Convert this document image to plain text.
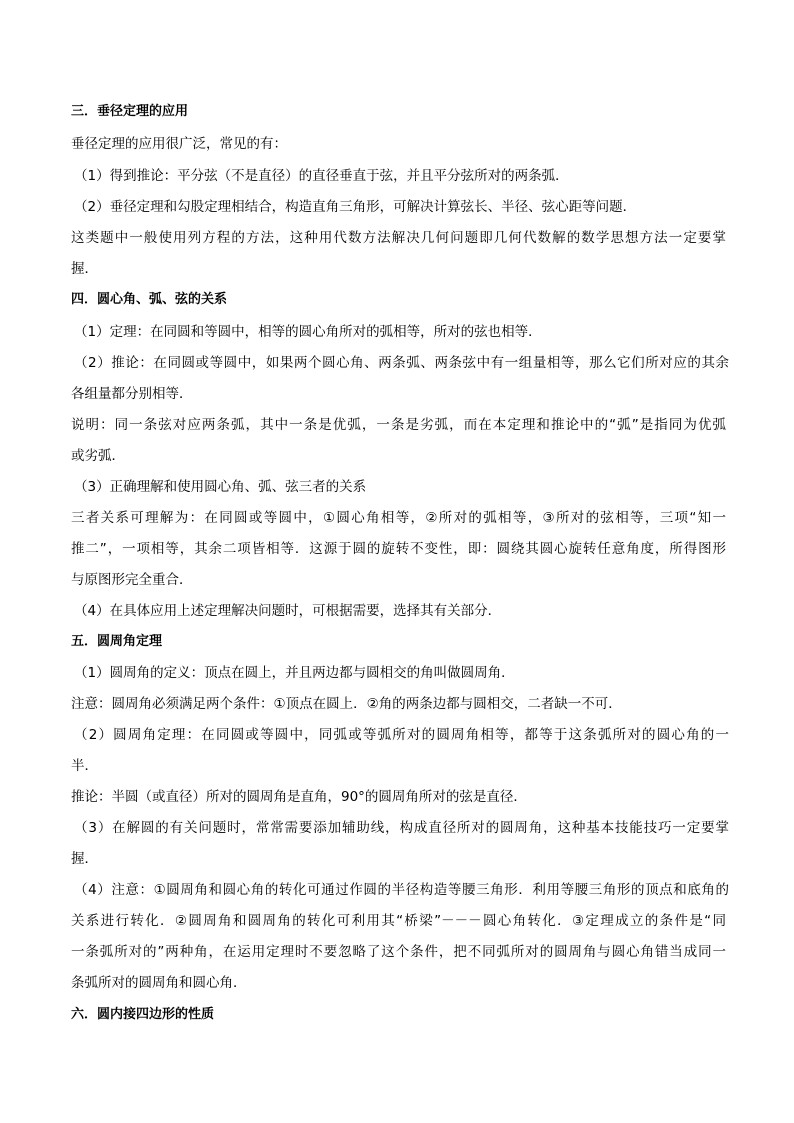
三．垂径定理的应用
垂径定理的应用很广泛，常见的有：
（1）得到推论：平分弦（不是直径）的直径垂直于弦，并且平分弦所对的两条弧．
（2）垂径定理和勾股定理相结合，构造直角三角形，可解决计算弦长、半径、弦心距等问题．
这类题中一般使用列方程的方法，这种用代数方法解决几何问题即几何代数解的数学思想方法一定要掌
握．
四．圆心角、弧、弦的关系
（1）定理：在同圆和等圆中，相等的圆心角所对的弧相等，所对的弦也相等．
（2）推论：在同圆或等圆中，如果两个圆心角、两条弧、两条弦中有一组量相等，那么它们所对应的其余
各组量都分别相等．
说明：同一条弦对应两条弧，其中一条是优弧，一条是劣弧，而在本定理和推论中的“弧”是指同为优弧
或劣弧．
（3）正确理解和使用圆心角、弧、弦三者的关系
三者关系可理解为：在同圆或等圆中，①圆心角相等，②所对的弧相等，③所对的弦相等，三项“知一
推二”，一项相等，其余二项皆相等．这源于圆的旋转不变性，即：圆绕其圆心旋转任意角度，所得图形
与原图形完全重合．
（4）在具体应用上述定理解决问题时，可根据需要，选择其有关部分．
五．圆周角定理
（1）圆周角的定义：顶点在圆上，并且两边都与圆相交的角叫做圆周角．
注意：圆周角必须满足两个条件：①顶点在圆上．②角的两条边都与圆相交，二者缺一不可．
（2）圆周角定理：在同圆或等圆中，同弧或等弧所对的圆周角相等，都等于这条弧所对的圆心角的一
半．
推论：半圆（或直径）所对的圆周角是直角，90°的圆周角所对的弦是直径．
（3）在解圆的有关问题时，常常需要添加辅助线，构成直径所对的圆周角，这种基本技能技巧一定要掌
握．
（4）注意：①圆周角和圆心角的转化可通过作圆的半径构造等腰三角形．利用等腰三角形的顶点和底角的
关系进行转化．②圆周角和圆周角的转化可利用其“桥梁”－－－圆心角转化．③定理成立的条件是“同
一条弧所对的”两种角，在运用定理时不要忽略了这个条件，把不同弧所对的圆周角与圆心角错当成同一
条弧所对的圆周角和圆心角．
六．圆内接四边形的性质
